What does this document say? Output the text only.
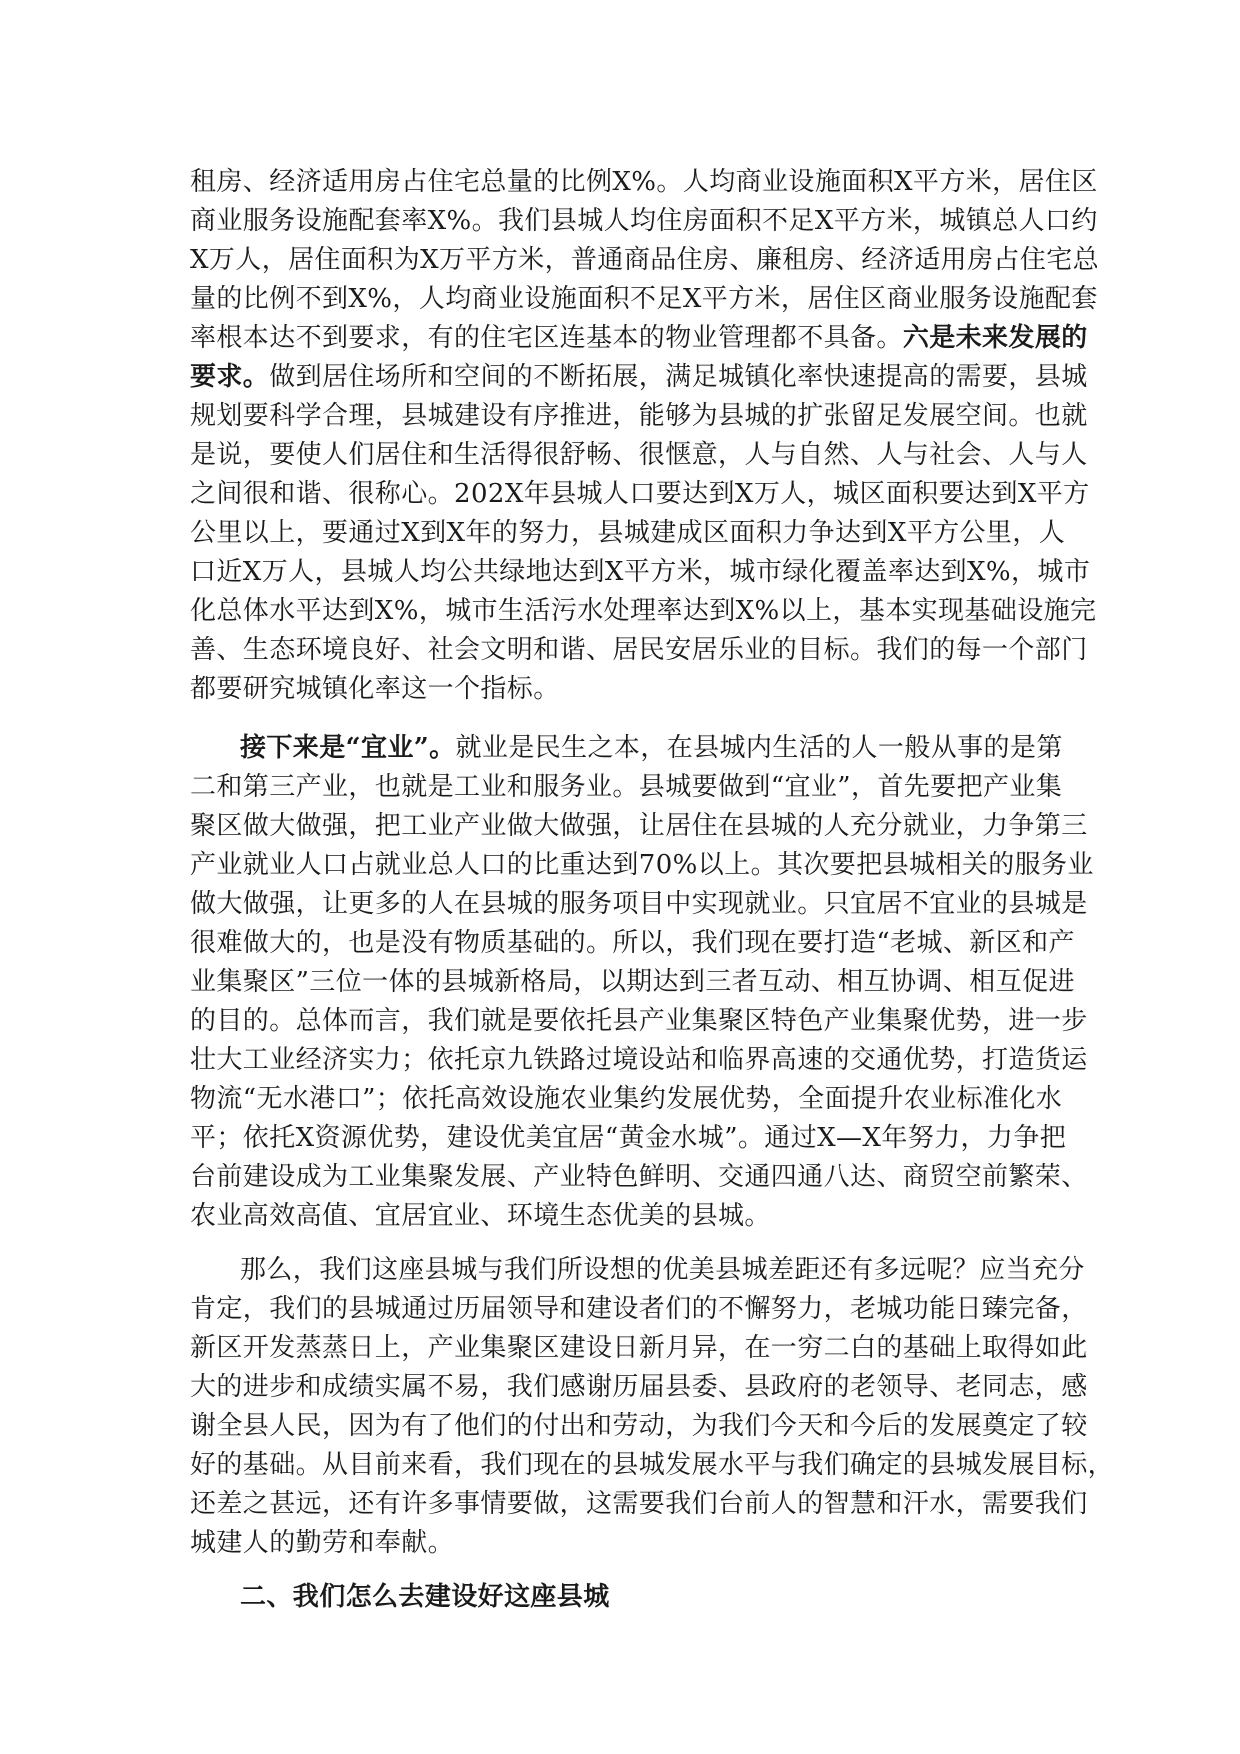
租房、经济适用房占住宅总量的比例X%。人均商业设施面积X平方米，居住区
商业服务设施配套率X%。我们县城人均住房面积不足X平方米，城镇总人口约
X万人，居住面积为X万平方米，普通商品住房、廉租房、经济适用房占住宅总
量的比例不到X%，人均商业设施面积不足X平方米，居住区商业服务设施配套
率根本达不到要求，有的住宅区连基本的物业管理都不具备。六是未来发展的
要求。做到居住场所和空间的不断拓展，满足城镇化率快速提高的需要，县城
规划要科学合理，县城建设有序推进，能够为县城的扩张留足发展空间。也就
是说，要使人们居住和生活得很舒畅、很惬意，人与自然、人与社会、人与人
之间很和谐、很称心。202X年县城人口要达到X万人，城区面积要达到X平方
公里以上，要通过X到X年的努力，县城建成区面积力争达到X平方公里，人
口近X万人，县城人均公共绿地达到X平方米，城市绿化覆盖率达到X%，城市
化总体水平达到X%，城市生活污水处理率达到X%以上，基本实现基础设施完
善、生态环境良好、社会文明和谐、居民安居乐业的目标。我们的每一个部门
都要研究城镇化率这一个指标。
接下来是“宜业”。就业是民生之本，在县城内生活的人一般从事的是第
二和第三产业，也就是工业和服务业。县城要做到“宜业”，首先要把产业集
聚区做大做强，把工业产业做大做强，让居住在县城的人充分就业，力争第三
产业就业人口占就业总人口的比重达到70%以上。其次要把县城相关的服务业
做大做强，让更多的人在县城的服务项目中实现就业。只宜居不宜业的县城是
很难做大的，也是没有物质基础的。所以，我们现在要打造“老城、新区和产
业集聚区”三位一体的县城新格局，以期达到三者互动、相互协调、相互促进
的目的。总体而言，我们就是要依托县产业集聚区特色产业集聚优势，进一步
壮大工业经济实力；依托京九铁路过境设站和临界高速的交通优势，打造货运
物流“无水港口”；依托高效设施农业集约发展优势，全面提升农业标准化水
平；依托X资源优势，建设优美宜居“黄金水城”。通过X—X年努力，力争把
台前建设成为工业集聚发展、产业特色鲜明、交通四通八达、商贸空前繁荣、
农业高效高值、宜居宜业、环境生态优美的县城。
那么，我们这座县城与我们所设想的优美县城差距还有多远呢？应当充分
肯定，我们的县城通过历届领导和建设者们的不懈努力，老城功能日臻完备，
新区开发蒸蒸日上，产业集聚区建设日新月异，在一穷二白的基础上取得如此
大的进步和成绩实属不易，我们感谢历届县委、县政府的老领导、老同志，感
谢全县人民，因为有了他们的付出和劳动，为我们今天和今后的发展奠定了较
好的基础。从目前来看，我们现在的县城发展水平与我们确定的县城发展目标，
还差之甚远，还有许多事情要做，这需要我们台前人的智慧和汗水，需要我们
城建人的勤劳和奉献。
二、我们怎么去建设好这座县城
